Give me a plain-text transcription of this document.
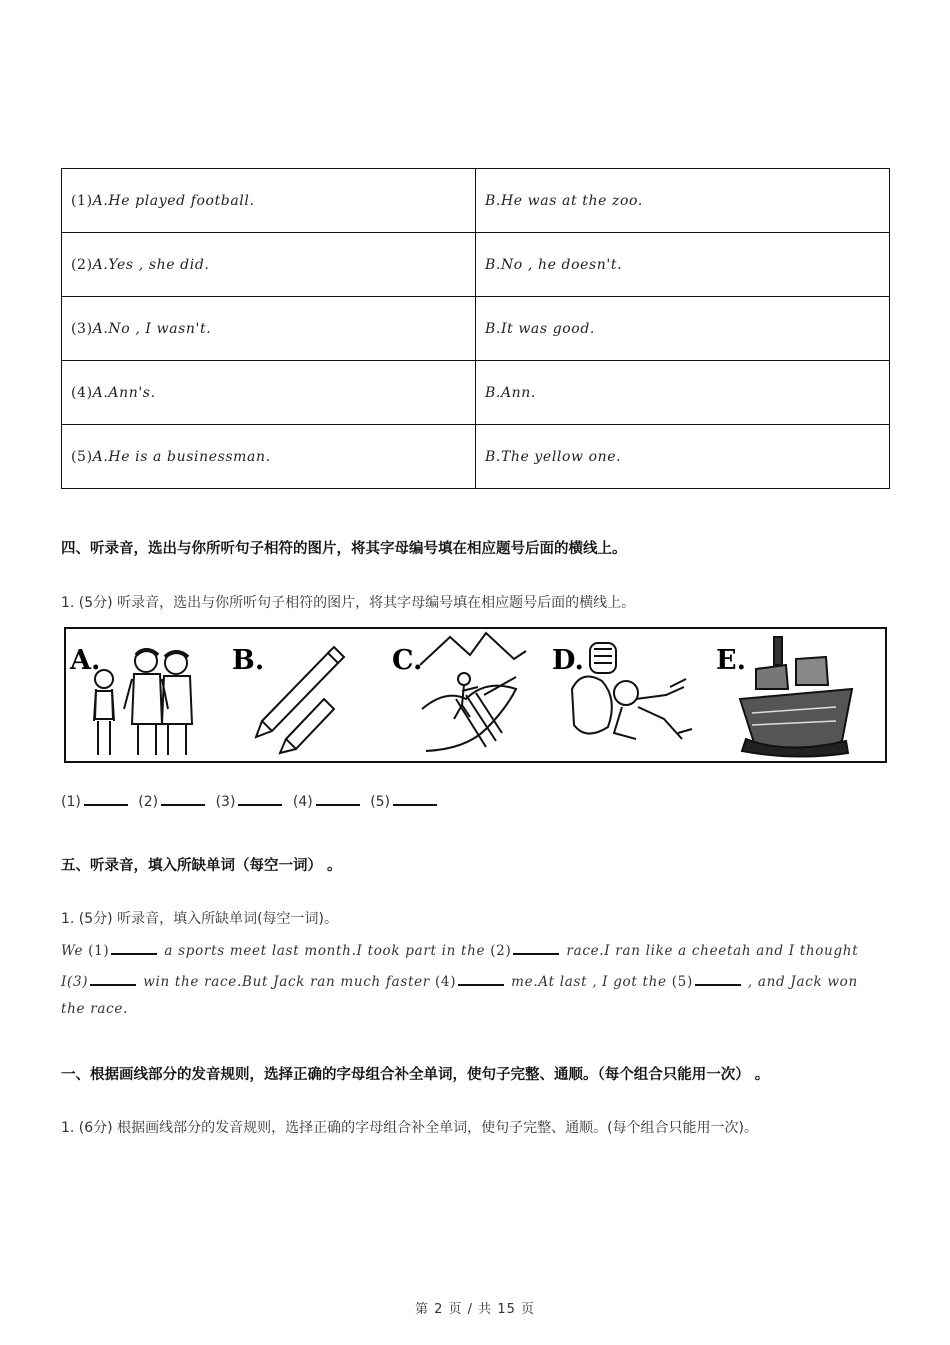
(1)A.He played football.	B.He was at the zoo.
(2)A.Yes , she did.	B.No , he doesn't.
(3)A.No , I wasn't.	B.It was good.
(4)A.Ann's.	B.Ann.
(5)A.He is a businessman.	B.The yellow one.
四、听录音，选出与你所听句子相符的图片，将其字母编号填在相应题号后面的横线上。
1. (5分) 听录音，选出与你所听句子相符的图片，将其字母编号填在相应题号后面的横线上。
A.	B.	C.	D.	E.
(1)	(2)	(3)	(4)	(5)
五、听录音，填入所缺单词（每空一词） 。
1. (5分) 听录音，填入所缺单词(每空一词)。
We (1)	a sports meet last month.I took part in the (2)	race.I ran like a cheetah and I thought
I(3)	win the race.But Jack ran much faster (4)	me.At last , I got the (5)	, and Jack won
the race.
一、根据画线部分的发音规则，选择正确的字母组合补全单词，使句子完整、通顺。（每个组合只能用一次） 。
1. (6分) 根据画线部分的发音规则，选择正确的字母组合补全单词，使句子完整、通顺。(每个组合只能用一次)。
第 2 页 / 共 15 页
